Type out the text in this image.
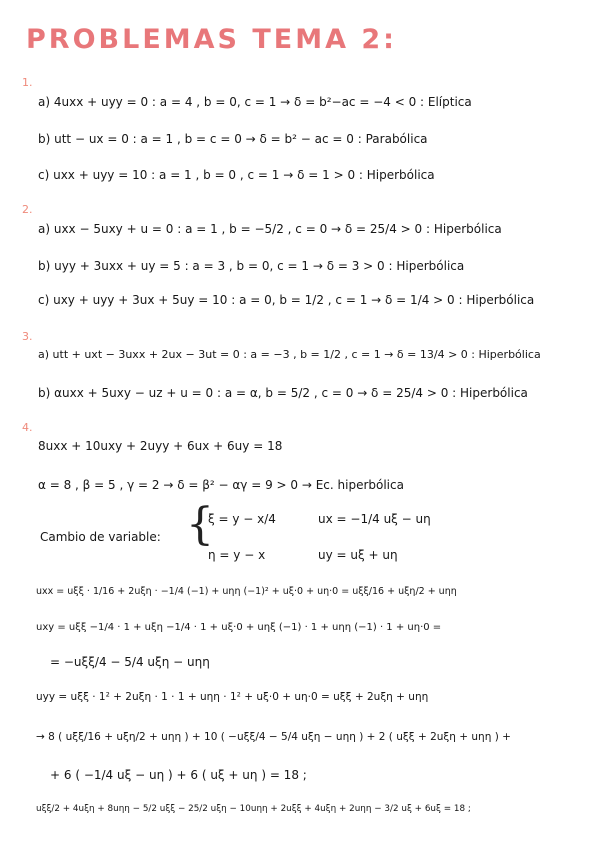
PROBLEMAS TEMA 2:
1.
a) 4uxx + uyy = 0 : a = 4 , b = 0, c = 1 → δ = b²−ac = −4 < 0 : Elíptica
b) utt − ux = 0 : a = 1 , b = c = 0 → δ = b² − ac = 0 : Parabólica
c) uxx + uyy = 10 : a = 1 , b = 0 , c = 1 → δ = 1 > 0 : Hiperbólica
2.
a) uxx − 5uxy + u = 0 : a = 1 , b = −5/2 , c = 0 → δ = 25/4 > 0 : Hiperbólica
b) uyy + 3uxx + uy = 5 : a = 3 , b = 0, c = 1 → δ = 3 > 0 : Hiperbólica
c) uxy + uyy + 3ux + 5uy = 10 : a = 0, b = 1/2 , c = 1 → δ = 1/4 > 0 : Hiperbólica
3.
a) utt + uxt − 3uxx + 2ux − 3ut = 0 : a = −3 , b = 1/2 , c = 1 → δ = 13/4 > 0 : Hiperbólica
b) αuxx + 5uxy − uz + u = 0 : a = α, b = 5/2 , c = 0 → δ = 25/4 > 0 : Hiperbólica
4.
8uxx + 10uxy + 2uyy + 6ux + 6uy = 18
α = 8 , β = 5 , γ = 2 → δ = β² − αγ = 9 > 0 → Ec. hiperbólica
Cambio de variable: {
ξ = y − x/4
η = y − x
ux = −1/4 uξ − uη
uy = uξ + uη
uxx = uξξ · 1/16 + 2uξη · −1/4 (−1) + uηη (−1)² + uξ·0 + uη·0 = uξξ/16 + uξη/2 + uηη
uxy = uξξ −1/4 · 1 + uξη −1/4 · 1 + uξ·0 + uηξ (−1) · 1 + uηη (−1) · 1 + uη·0 =
= −uξξ/4 − 5/4 uξη − uηη
uyy = uξξ · 1² + 2uξη · 1 · 1 + uηη · 1² + uξ·0 + uη·0 = uξξ + 2uξη + uηη
→ 8 ( uξξ/16 + uξη/2 + uηη ) + 10 ( −uξξ/4 − 5/4 uξη − uηη ) + 2 ( uξξ + 2uξη + uηη ) +
+ 6 ( −1/4 uξ − uη ) + 6 ( uξ + uη ) = 18 ;
uξξ/2 + 4uξη + 8uηη − 5/2 uξξ − 25/2 uξη − 10uηη + 2uξξ + 4uξη + 2uηη − 3/2 uξ + 6uξ = 18 ;
